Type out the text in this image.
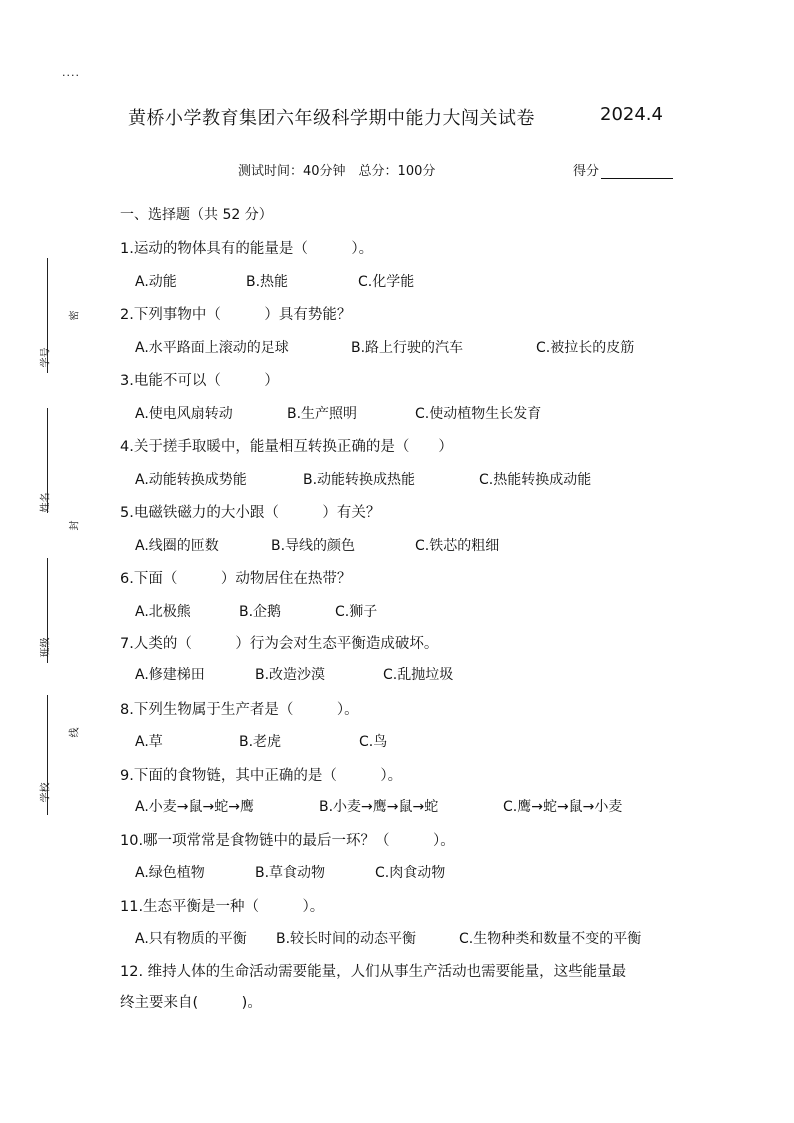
....
黄桥小学教育集团六年级科学期中能力大闯关试卷	2024.4
测试时间：40分钟　总分：100分	得分
学号
姓名
班级
学校
密
封
线
一、选择题（共 52 分）
1.运动的物体具有的能量是（　　　）。
A.动能	B.热能	C.化学能
2.下列事物中（　　　）具有势能？
A.水平路面上滚动的足球	B.路上行驶的汽车	C.被拉长的皮筋
3.电能不可以（　　　）
A.使电风扇转动	B.生产照明	C.使动植物生长发育
4.关于搓手取暖中，能量相互转换正确的是（　　）
A.动能转换成势能	B.动能转换成热能	C.热能转换成动能
5.电磁铁磁力的大小跟（　　　）有关？
A.线圈的匝数	B.导线的颜色	C.铁芯的粗细
6.下面（　　　）动物居住在热带？
A.北极熊	B.企鹅	C.狮子
7.人类的（　　　）行为会对生态平衡造成破坏。
A.修建梯田	B.改造沙漠	C.乱抛垃圾
8.下列生物属于生产者是（　　　）。
A.草	B.老虎	C.鸟
9.下面的食物链，其中正确的是（　　　）。
A.小麦→鼠→蛇→鹰	B.小麦→鹰→鼠→蛇	C.鹰→蛇→鼠→小麦
10.哪一项常常是食物链中的最后一环？（　　　）。
A.绿色植物	B.草食动物	C.肉食动物
11.生态平衡是一种（　　　）。
A.只有物质的平衡 B.较长时间的动态平衡	C.生物种类和数量不变的平衡
12. 维持人体的生命活动需要能量，人们从事生产活动也需要能量，这些能量最
终主要来自(　　　)。
